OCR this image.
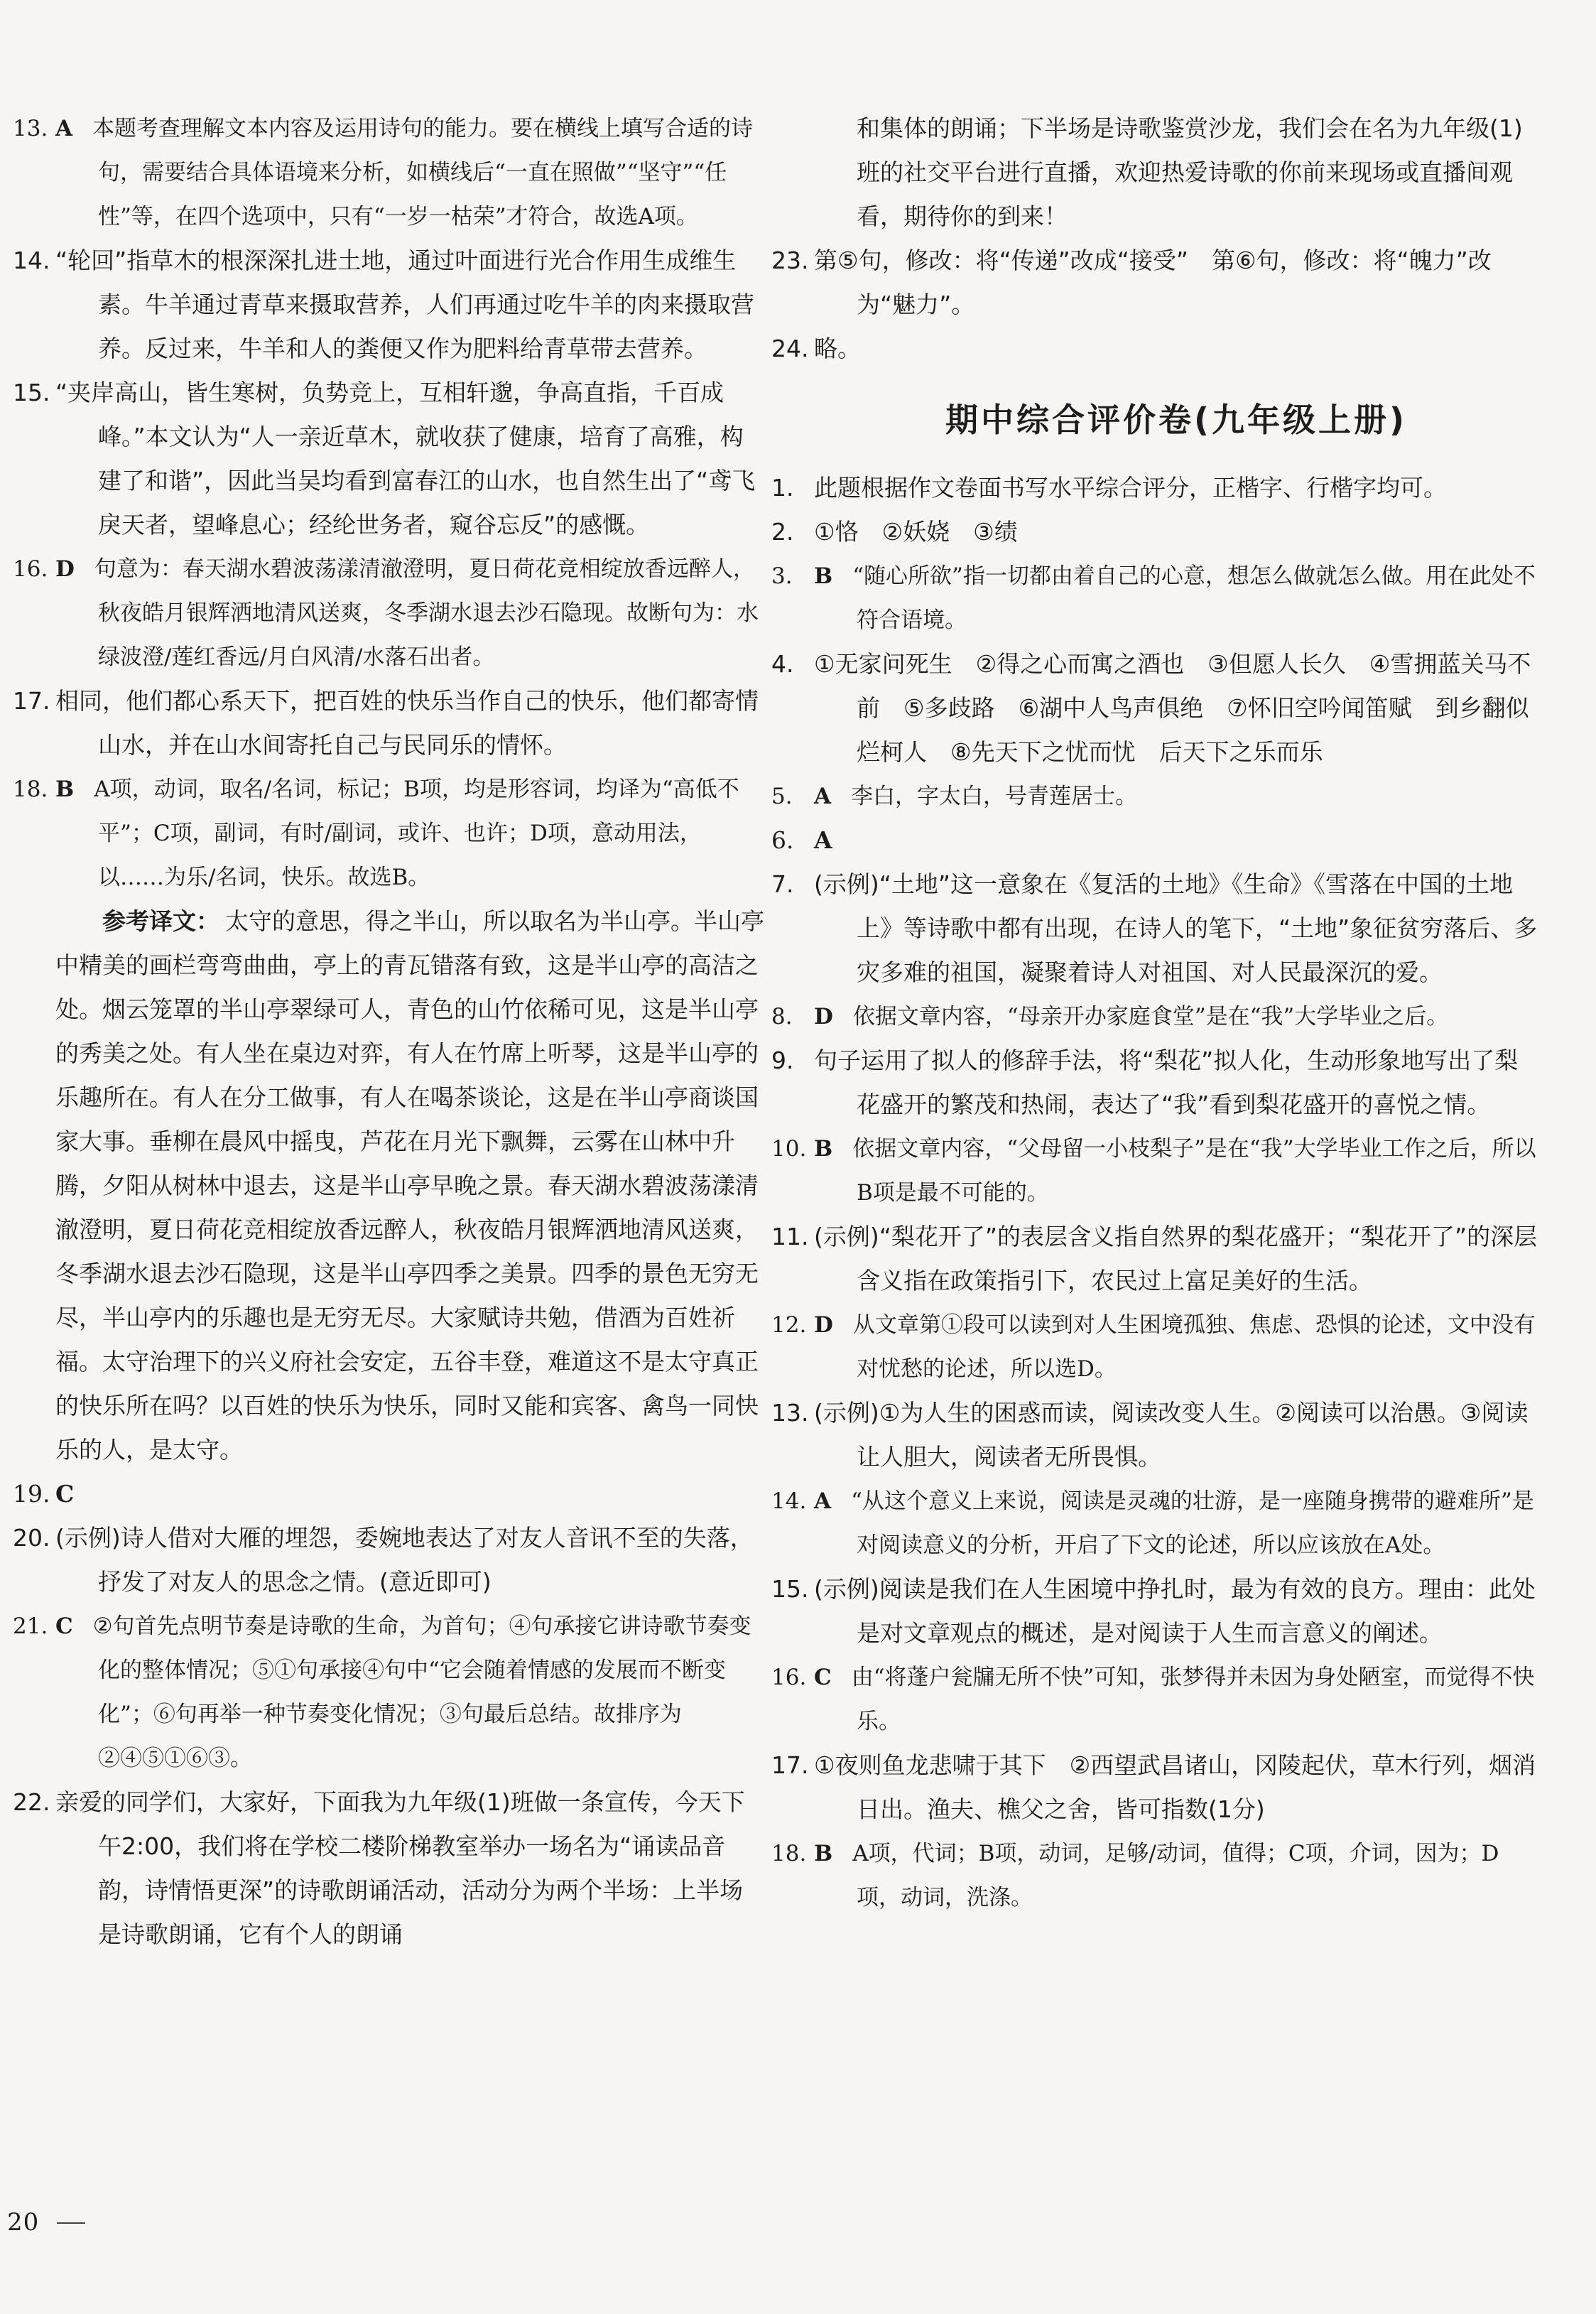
13. A 本题考查理解文本内容及运用诗句的能力。要在横线上填写合适的诗句，需要结合具体语境来分析，如横线后“一直在照做”“坚守”“任性”等，在四个选项中，只有“一岁一枯荣”才符合，故选A项。
14. “轮回”指草木的根深深扎进土地，通过叶面进行光合作用生成维生素。牛羊通过青草来摄取营养，人们再通过吃牛羊的肉来摄取营养。反过来，牛羊和人的粪便又作为肥料给青草带去营养。
15. “夹岸高山，皆生寒树，负势竞上，互相轩邈，争高直指，千百成峰。”本文认为“人一亲近草木，就收获了健康，培育了高雅，构建了和谐”，因此当吴均看到富春江的山水，也自然生出了“鸢飞戾天者，望峰息心；经纶世务者，窥谷忘反”的感慨。
16. D 句意为：春天湖水碧波荡漾清澈澄明，夏日荷花竞相绽放香远醉人，秋夜皓月银辉洒地清风送爽，冬季湖水退去沙石隐现。故断句为：水绿波澄/莲红香远/月白风清/水落石出者。
17. 相同，他们都心系天下，把百姓的快乐当作自己的快乐，他们都寄情山水，并在山水间寄托自己与民同乐的情怀。
18. B A项，动词，取名/名词，标记；B项，均是形容词，均译为“高低不平”；C项，副词，有时/副词，或许、也许；D项，意动用法，以……为乐/名词，快乐。故选B。

参考译文： 太守的意思，得之半山，所以取名为半山亭。半山亭中精美的画栏弯弯曲曲，亭上的青瓦错落有致，这是半山亭的高洁之处。烟云笼罩的半山亭翠绿可人，青色的山竹依稀可见，这是半山亭的秀美之处。有人坐在桌边对弈，有人在竹席上听琴，这是半山亭的乐趣所在。有人在分工做事，有人在喝茶谈论，这是在半山亭商谈国家大事。垂柳在晨风中摇曳，芦花在月光下飘舞，云雾在山林中升腾，夕阳从树林中退去，这是半山亭早晚之景。春天湖水碧波荡漾清澈澄明，夏日荷花竞相绽放香远醉人，秋夜皓月银辉洒地清风送爽，冬季湖水退去沙石隐现，这是半山亭四季之美景。四季的景色无穷无尽，半山亭内的乐趣也是无穷无尽。大家赋诗共勉，借酒为百姓祈福。太守治理下的兴义府社会安定，五谷丰登，难道这不是太守真正的快乐所在吗？以百姓的快乐为快乐，同时又能和宾客、禽鸟一同快乐的人，是太守。

19. C
20. (示例)诗人借对大雁的埋怨，委婉地表达了对友人音讯不至的失落，抒发了对友人的思念之情。(意近即可)
21. C ②句首先点明节奏是诗歌的生命，为首句；④句承接它讲诗歌节奏变化的整体情况；⑤①句承接④句中“它会随着情感的发展而不断变化”；⑥句再举一种节奏变化情况；③句最后总结。故排序为②④⑤①⑥③。
22. 亲爱的同学们，大家好，下面我为九年级(1)班做一条宣传，今天下午2:00，我们将在学校二楼阶梯教室举办一场名为“诵读品音韵，诗情悟更深”的诗歌朗诵活动，活动分为两个半场：上半场是诗歌朗诵，它有个人的朗诵

和集体的朗诵；下半场是诗歌鉴赏沙龙，我们会在名为九年级(1)班的社交平台进行直播，欢迎热爱诗歌的你前来现场或直播间观看，期待你的到来！

23. 第⑤句，修改：将“传递”改成“接受”　第⑥句，修改：将“魄力”改为“魅力”。
24. 略。
期中综合评价卷(九年级上册)
1. 此题根据作文卷面书写水平综合评分，正楷字、行楷字均可。
2. ①恪　②妖娆　③绩
3. B “随心所欲”指一切都由着自己的心意，想怎么做就怎么做。用在此处不符合语境。
4. ①无家问死生　②得之心而寓之酒也　③但愿人长久　④雪拥蓝关马不前　⑤多歧路　⑥湖中人鸟声俱绝　⑦怀旧空吟闻笛赋　到乡翻似烂柯人　⑧先天下之忧而忧　后天下之乐而乐
5. A 李白，字太白，号青莲居士。
6. A
7. (示例)“土地”这一意象在《复活的土地》《生命》《雪落在中国的土地上》等诗歌中都有出现，在诗人的笔下，“土地”象征贫穷落后、多灾多难的祖国，凝聚着诗人对祖国、对人民最深沉的爱。
8. D 依据文章内容，“母亲开办家庭食堂”是在“我”大学毕业之后。
9. 句子运用了拟人的修辞手法，将“梨花”拟人化，生动形象地写出了梨花盛开的繁茂和热闹，表达了“我”看到梨花盛开的喜悦之情。
10. B 依据文章内容，“父母留一小枝梨子”是在“我”大学毕业工作之后，所以B项是最不可能的。
11. (示例)“梨花开了”的表层含义指自然界的梨花盛开；“梨花开了”的深层含义指在政策指引下，农民过上富足美好的生活。
12. D 从文章第①段可以读到对人生困境孤独、焦虑、恐惧的论述，文中没有对忧愁的论述，所以选D。
13. (示例)①为人生的困惑而读，阅读改变人生。②阅读可以治愚。③阅读让人胆大，阅读者无所畏惧。
14. A “从这个意义上来说，阅读是灵魂的壮游，是一座随身携带的避难所”是对阅读意义的分析，开启了下文的论述，所以应该放在A处。
15. (示例)阅读是我们在人生困境中挣扎时，最为有效的良方。理由：此处是对文章观点的概述，是对阅读于人生而言意义的阐述。
16. C 由“将蓬户瓮牖无所不快”可知，张梦得并未因为身处陋室，而觉得不快乐。
17. ①夜则鱼龙悲啸于其下　②西望武昌诸山，冈陵起伏，草木行列，烟消日出。渔夫、樵父之舍，皆可指数(1分)
18. B A项，代词；B项，动词，足够/动词，值得；C项，介词，因为；D项，动词，洗涤。
20
